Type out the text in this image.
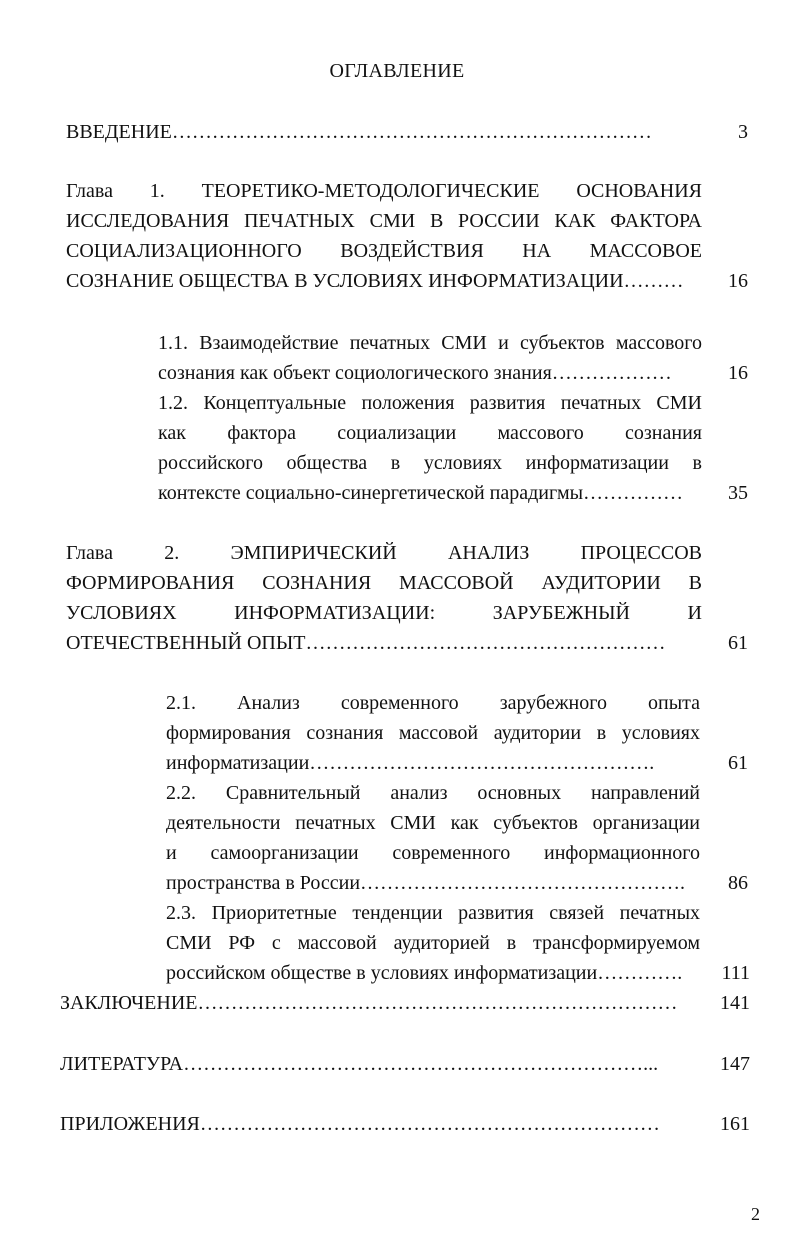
ОГЛАВЛЕНИЕ
ВВЕДЕНИЕ………………………………………………………………	3
Глава 1. ТЕОРЕТИКО-МЕТОДОЛОГИЧЕСКИЕ ОСНОВАНИЯ
ИССЛЕДОВАНИЯ ПЕЧАТНЫХ СМИ В РОССИИ КАК ФАКТОРА
СОЦИАЛИЗАЦИОННОГО ВОЗДЕЙСТВИЯ НА МАССОВОЕ
СОЗНАНИЕ ОБЩЕСТВА В УСЛОВИЯХ ИНФОРМАТИЗАЦИИ………	16
1.1. Взаимодействие печатных СМИ и субъектов массового
сознания как объект социологического знания………………	16
1.2. Концептуальные положения развития печатных СМИ
как фактора социализации массового сознания
российского общества в условиях информатизации в
контексте социально-синергетической парадигмы……………	35
Глава 2. ЭМПИРИЧЕСКИЙ АНАЛИЗ ПРОЦЕССОВ
ФОРМИРОВАНИЯ СОЗНАНИЯ МАССОВОЙ АУДИТОРИИ В
УСЛОВИЯХ ИНФОРМАТИЗАЦИИ: ЗАРУБЕЖНЫЙ И
ОТЕЧЕСТВЕННЫЙ ОПЫТ………………………………………………	61
2.1. Анализ современного зарубежного опыта
формирования сознания массовой аудитории в условиях
информатизации…………………………………………….	61
2.2. Сравнительный анализ основных направлений
деятельности печатных СМИ как субъектов организации
и самоорганизации современного информационного
пространства в России………………………………………….	86
2.3. Приоритетные тенденции развития связей печатных
СМИ РФ с массовой аудиторией в трансформируемом
российском обществе в условиях информатизации………….	111
ЗАКЛЮЧЕНИЕ………………………………………………………………	141
ЛИТЕРАТУРА……………………………………………………………...	147
ПРИЛОЖЕНИЯ……………………………………………………………	161
2
